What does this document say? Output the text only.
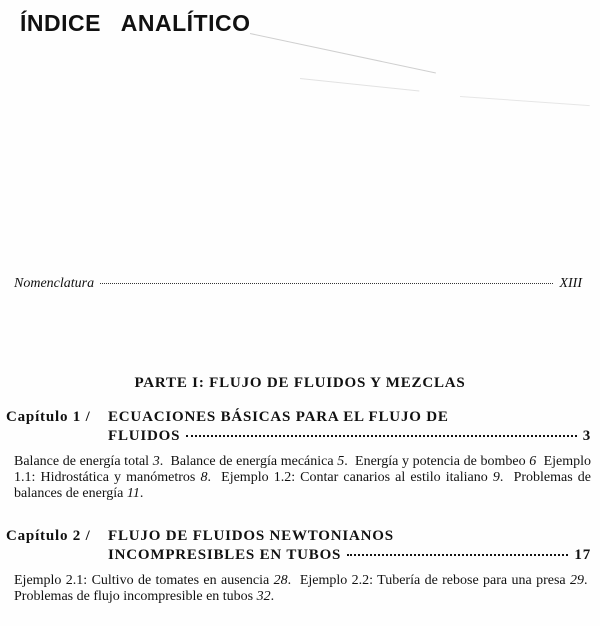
ÍNDICE   ANALÍTICO
Nomenclatura	XIII
PARTE I: FLUJO DE FLUIDOS Y MEZCLAS
Capítulo 1 / ECUACIONES BÁSICAS PARA EL FLUJO DE
FLUIDOS	3
Balance de energía total 3. Balance de energía mecánica 5. Energía y potencia de bombeo 6 Ejemplo 1.1: Hidrostática y manómetros 8. Ejemplo 1.2: Contar canarios al estilo italiano 9. Problemas de balances de energía 11.
Capítulo 2 / FLUJO DE FLUIDOS NEWTONIANOS
INCOMPRESIBLES EN TUBOS	17
Ejemplo 2.1: Cultivo de tomates en ausencia 28. Ejemplo 2.2: Tubería de rebose para una presa 29.  Problemas de flujo incompresible en tubos 32.
